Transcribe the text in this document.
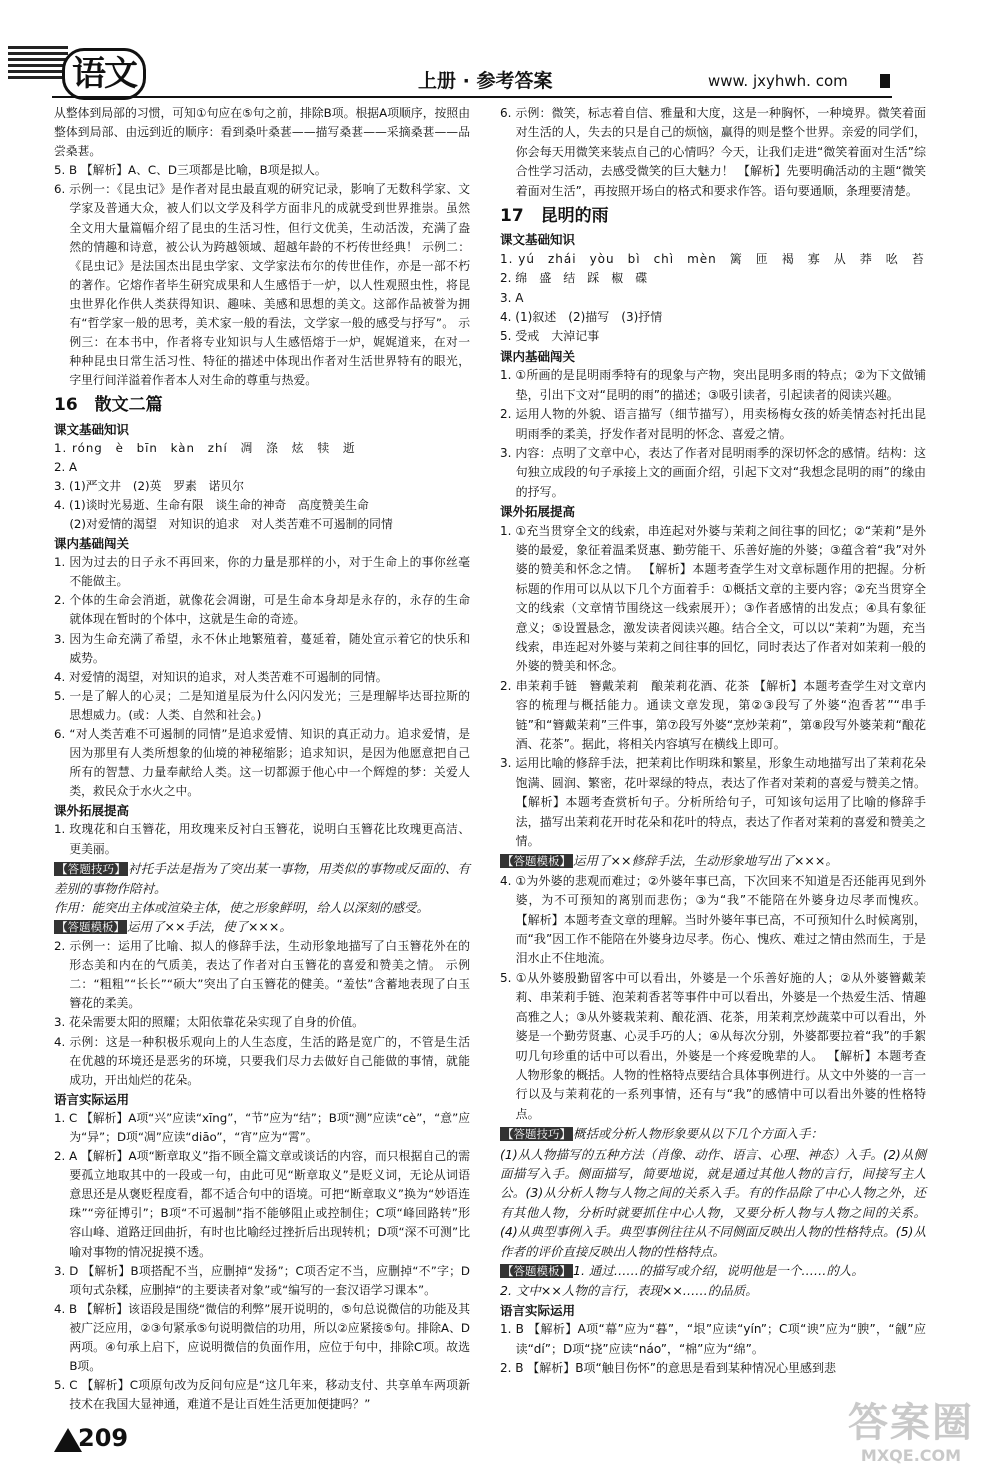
语文	上册 · 参考答案	www. jxyhwh. com

从整体到局部的习惯，可知①句应在⑤句之前，排除B项。根据A项顺序，按照由整体到局部、由远到近的顺序：看到桑叶桑葚——描写桑葚——采摘桑葚——品尝桑葚。

5. B 【解析】A、C、D三项都是比喻，B项是拟人。

6. 示例一：《昆虫记》是作者对昆虫最直观的研究记录，影响了无数科学家、文学家及普通大众，被人们以文学及科学方面非凡的成就受到世界推崇。虽然全文用大量篇幅介绍了昆虫的生活习性，但行文优美，生动活泼，充满了盎然的情趣和诗意，被公认为跨越领域、超越年龄的不朽传世经典！ 示例二：《昆虫记》是法国杰出昆虫学家、文学家法布尔的传世佳作，亦是一部不朽的著作。它熔作者毕生研究成果和人生感悟于一炉，以人性观照虫性，将昆虫世界化作供人类获得知识、趣味、美感和思想的美文。这部作品被誉为拥有“哲学家一般的思考，美术家一般的看法，文学家一般的感受与抒写”。 示例三：在本书中，作者将专业知识与人生感悟熔于一炉，娓娓道来，在对一种种昆虫日常生活习性、特征的描述中体现出作者对生活世界特有的眼光，字里行间洋溢着作者本人对生命的尊重与热爱。

16　散文二篇

课文基础知识

1. róng　è　bīn　kàn　zhí　凋　涤　炫　犊　逝

2. A

3. (1)严文井　(2)英　罗素　诺贝尔

4. (1)谈时光易逝、生命有限　谈生命的神奇　高度赞美生命

(2)对爱情的渴望　对知识的追求　对人类苦难不可遏制的同情

课内基础闯关

1. 因为过去的日子永不再回来，你的力量是那样的小，对于生命上的事你丝毫不能做主。

2. 个体的生命会消逝，就像花会凋谢，可是生命本身却是永存的，永存的生命就体现在暂时的个体中，这就是生命的奇迹。

3. 因为生命充满了希望，永不休止地繁殖着，蔓延着，随处宣示着它的快乐和威势。

4. 对爱情的渴望，对知识的追求，对人类苦难不可遏制的同情。

5. 一是了解人的心灵；二是知道星辰为什么闪闪发光；三是理解毕达哥拉斯的思想威力。(或：人类、自然和社会。)

6. “对人类苦难不可遏制的同情”是追求爱情、知识的真正动力。追求爱情，是因为那里有人类所想象的仙境的神秘缩影；追求知识，是因为他愿意把自己所有的智慧、力量奉献给人类。这一切都源于他心中一个辉煌的梦：关爱人类，救民众于水火之中。

课外拓展提高

1. 玫瑰花和白玉簪花，用玫瑰来反衬白玉簪花，说明白玉簪花比玫瑰更高洁、更美丽。

【答题技巧】 衬托手法是指为了突出某一事物，用类似的事物或反面的、有差别的事物作陪衬。

作用：能突出主体或渲染主体，使之形象鲜明，给人以深刻的感受。

【答题模板】 运用了××手法，使了×××。

2. 示例一：运用了比喻、拟人的修辞手法，生动形象地描写了白玉簪花外在的形态美和内在的气质美，表达了作者对白玉簪花的喜爱和赞美之情。 示例二：“粗粗”“长长”“硕大”突出了白玉簪花的健美。“羞怯”含蓄地表现了白玉簪花的柔美。

3. 花朵需要太阳的照耀；太阳依靠花朵实现了自身的价值。

4. 示例：这是一种积极乐观向上的人生态度，生活的路是宽广的，不管是生活在优越的环境还是恶劣的环境，只要我们尽力去做好自己能做的事情，就能成功，开出灿烂的花朵。

语言实际运用

1. C 【解析】A项“兴”应读“xīng”，“节”应为“结”；B项“测”应读“cè”，“意”应为“异”；D项“凋”应读“diāo”，“宵”应为“霄”。

2. A 【解析】A项“断章取义”指不顾全篇文章或谈话的内容，而只根据自己的需要孤立地取其中的一段或一句，由此可见“断章取义”是贬义词，无论从词语意思还是从褒贬程度看，都不适合句中的语境。可把“断章取义”换为“妙语连珠”“旁征博引”；B项“不可遏制”指不能够阻止或控制住；C项“峰回路转”形容山峰、道路迂回曲折，有时也比喻经过挫折后出现转机；D项“深不可测”比喻对事物的情况捉摸不透。

3. D 【解析】B项搭配不当，应删掉“发扬”；C项否定不当，应删掉“不”字；D项句式杂糅，应删掉“的主要读者对象”或“编写的一套汉语学习课本”。

4. B 【解析】该语段是围绕“微信的利弊”展开说明的，⑤句总说微信的功能及其被广泛应用，②③句紧承⑤句说明微信的功用，所以②应紧接⑤句。排除A、D两项。④句承上启下，应说明微信的负面作用，应位于句中，排除C项。故选B项。

5. C 【解析】C项原句改为反问句应是“这几年来，移动支付、共享单车两项新技术在我国大显神通，难道不是让百姓生活更加便捷吗？”

6. 示例：微笑，标志着自信、雅量和大度，这是一种胸怀，一种境界。微笑着面对生活的人，失去的只是自己的烦恼，赢得的则是整个世界。亲爱的同学们，你会每天用微笑来装点自己的心情吗？今天，让我们走进“微笑着面对生活”综合性学习活动，去感受微笑的巨大魅力！ 【解析】先要明确活动的主题“微笑着面对生活”，再按照开场白的格式和要求作答。语句要通顺，条理要清楚。

17　昆明的雨

课文基础知识

1. yú　zhái　yòu　bì　chì　mèn　篱　匝　褐　寡　从　莽　吆　苔

2. 绵　盛　结　踩　椒　碟

3. A

4. (1)叙述　(2)描写　(3)抒情

5. 受戒　大淖记事

课内基础闯关

1. ①所画的是昆明雨季特有的现象与产物，突出昆明多雨的特点；②为下文做铺垫，引出下文对“昆明的雨”的描述；③吸引读者，引起读者的阅读兴趣。

2. 运用人物的外貌、语言描写（细节描写），用卖杨梅女孩的娇美情态衬托出昆明雨季的柔美，抒发作者对昆明的怀念、喜爱之情。

3. 内容：点明了文章中心，表达了作者对昆明雨季的深切怀念的感情。结构：这句独立成段的句子承接上文的画面介绍，引起下文对“我想念昆明的雨”的缘由的抒写。

课外拓展提高

1. ①充当贯穿全文的线索，串连起对外婆与茉莉之间往事的回忆；②“茉莉”是外婆的最爱，象征着温柔贤惠、勤劳能干、乐善好施的外婆；③蕴含着“我”对外婆的赞美和怀念之情。 【解析】本题考查学生对文章标题作用的把握。分析标题的作用可以从以下几个方面着手：①概括文章的主要内容；②充当贯穿全文的线索（文章情节围绕这一线索展开）；③作者感情的出发点；④具有象征意义；⑤设置悬念，激发读者阅读兴趣。结合全文，可以以“茉莉”为题，充当线索，串连起对外婆与茉莉之间往事的回忆，同时表达了作者对如茉莉一般的外婆的赞美和怀念。

2. 串茉莉手链　簪戴茉莉　酿茉莉花酒、花茶 【解析】本题考查学生对文章内容的梳理与概括能力。通读文章发现，第②③段写了外婆“泡香茗”“串手链”和“簪戴茉莉”三件事，第⑦段写外婆“烹炒茉莉”，第⑧段写外婆茉莉“酿花酒、花茶”。据此，将相关内容填写在横线上即可。

3. 运用比喻的修辞手法，把茉莉比作明珠和繁星，形象生动地描写出了茉莉花朵饱满、圆润、繁密，花叶翠绿的特点，表达了作者对茉莉的喜爱与赞美之情。 【解析】本题考查赏析句子。分析所给句子，可知该句运用了比喻的修辞手法，描写出茉莉花开时花朵和花叶的特点，表达了作者对茉莉的喜爱和赞美之情。

【答题模板】 运用了××修辞手法，生动形象地写出了×××。

4. ①为外婆的悲观而难过；②外婆年事已高，下次回来不知道是否还能再见到外婆，为不可预知的离别而悲伤；③为“我”不能陪在外婆身边尽孝而愧疚。 【解析】本题考查文章的理解。当时外婆年事已高，不可预知什么时候离别，而“我”因工作不能陪在外婆身边尽孝。伤心、愧疚、难过之情由然而生，于是泪水止不住地流。

5. ①从外婆殷勤留客中可以看出，外婆是一个乐善好施的人；②从外婆簪戴茉莉、串茉莉手链、泡茉莉香茗等事件中可以看出，外婆是一个热爱生活、情趣高雅之人；③从外婆栽茉莉、酿花酒、花茶，用茉莉烹炒蔬菜中可以看出，外婆是一个勤劳贤惠、心灵手巧的人；④从每次分别，外婆都要拉着“我”的手絮叨几句珍重的话中可以看出，外婆是一个疼爱晚辈的人。 【解析】本题考查人物形象的概括。人物的性格特点要结合具体事例进行。从文中外婆的一言一行以及与茉莉花的一系列事情，还有与“我”的感情中可以看出外婆的性格特点。

【答题技巧】 概括或分析人物形象要从以下几个方面入手：

(1)从人物描写的五种方法（肖像、动作、语言、心理、神态）入手。(2)从侧面描写入手。侧面描写，简要地说，就是通过其他人物的言行，间接写主人公。(3)从分析人物与人物之间的关系入手。有的作品除了中心人物之外，还有其他人物，分析时就要抓住中心人物，又要分析人物与人物之间的关系。(4)从典型事例入手。典型事例往往从不同侧面反映出人物的性格特点。(5)从作者的评价直接反映出人物的性格特点。

【答题模板】 1. 通过……的描写或介绍，说明他是一个……的人。

2. 文中××人物的言行，表现××……的品质。

语言实际运用

1. B 【解析】A项“幕”应为“暮”，“垠”应读“yín”；C项“谀”应为“腴”，“觎”应读“dí”；D项“挠”应读“náo”，“棉”应为“绵”。

2. B 【解析】B项“触目伤怀”的意思是看到某种情况心里感到悲

209	答案圈
MXQE.COM
